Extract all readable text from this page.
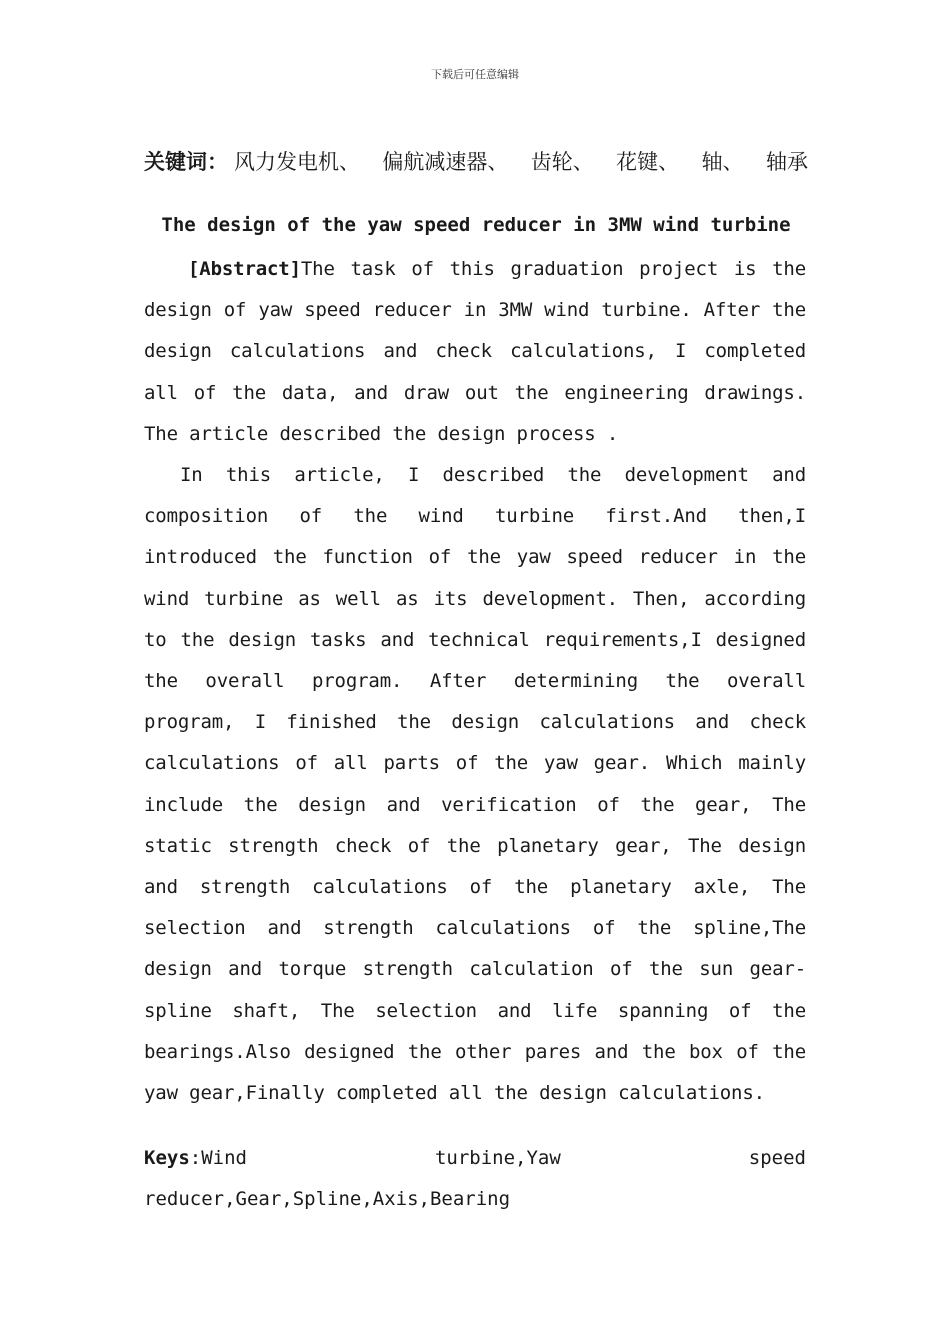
下载后可任意编辑
关键词： 风力发电机、 偏航减速器、 齿轮、 花键、 轴、 轴承
The design of the yaw speed reducer in 3MW wind turbine

[Abstract]The task of this graduation project is the design of yaw speed reducer in 3MW wind turbine. After the design calculations and check calculations, I completed all of the data, and draw out the engineering drawings. The article described the design process .

In this article, I described the development and composition of the wind turbine first.And then,I introduced the function of the yaw speed reducer in the wind turbine as well as its development. Then, according to the design tasks and technical requirements,I designed the overall program. After determining the overall program, I finished the design calculations and check calculations of all parts of the yaw gear. Which mainly include the design and verification of the gear, The static strength check of the planetary gear, The design and strength calculations of the planetary axle, The selection and strength calculations of the spline,The design and torque strength calculation of the sun gear-spline shaft, The selection and life spanning of the bearings.Also designed the other pares and the box of the yaw gear,Finally completed all the design calculations.

Keys:Wind	turbine,Yaw	speed

reducer,Gear,Spline,Axis,Bearing
